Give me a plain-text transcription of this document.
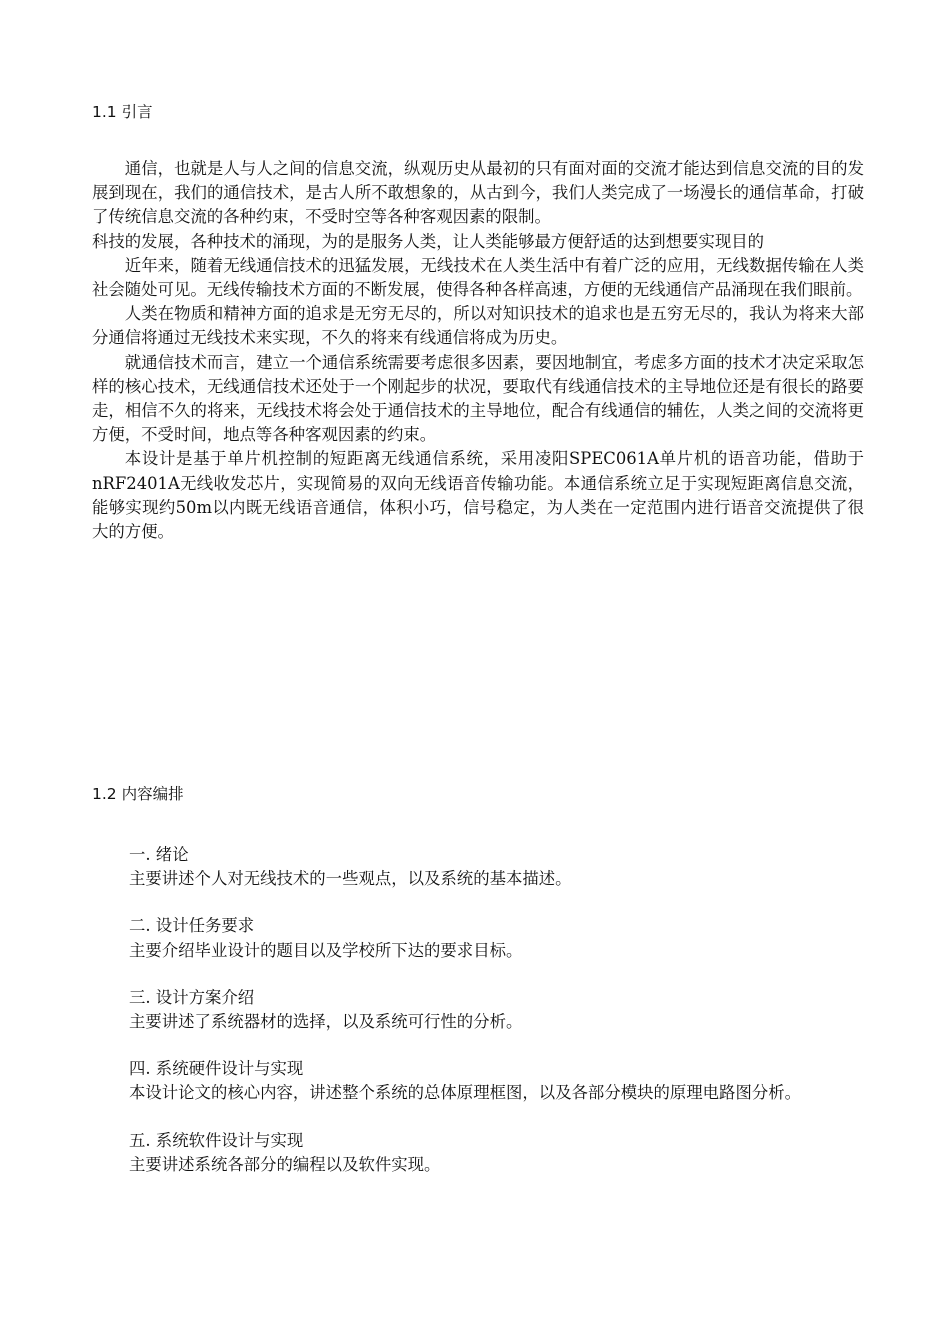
1.1 引言

通信，也就是人与人之间的信息交流，纵观历史从最初的只有面对面的交流才能达到信息交流的目的发展到现在，我们的通信技术，是古人所不敢想象的，从古到今，我们人类完成了一场漫长的通信革命，打破了传统信息交流的各种约束，不受时空等各种客观因素的限制。

科技的发展，各种技术的涌现，为的是服务人类，让人类能够最方便舒适的达到想要实现目的

近年来，随着无线通信技术的迅猛发展，无线技术在人类生活中有着广泛的应用，无线数据传输在人类社会随处可见。无线传输技术方面的不断发展，使得各种各样高速，方便的无线通信产品涌现在我们眼前。

人类在物质和精神方面的追求是无穷无尽的，所以对知识技术的追求也是五穷无尽的，我认为将来大部分通信将通过无线技术来实现，不久的将来有线通信将成为历史。

就通信技术而言，建立一个通信系统需要考虑很多因素，要因地制宜，考虑多方面的技术才决定采取怎样的核心技术，无线通信技术还处于一个刚起步的状况，要取代有线通信技术的主导地位还是有很长的路要走，相信不久的将来，无线技术将会处于通信技术的主导地位，配合有线通信的辅佐，人类之间的交流将更方便，不受时间，地点等各种客观因素的约束。

本设计是基于单片机控制的短距离无线通信系统，采用凌阳SPEC061A单片机的语音功能，借助于nRF2401A无线收发芯片，实现简易的双向无线语音传输功能。本通信系统立足于实现短距离信息交流，能够实现约50m以内既无线语音通信，体积小巧，信号稳定，为人类在一定范围内进行语音交流提供了很大的方便。

1.2 内容编排
一. 绪论
主要讲述个人对无线技术的一些观点，以及系统的基本描述。
二. 设计任务要求
主要介绍毕业设计的题目以及学校所下达的要求目标。
三. 设计方案介绍
主要讲述了系统器材的选择，以及系统可行性的分析。
四. 系统硬件设计与实现
本设计论文的核心内容，讲述整个系统的总体原理框图，以及各部分模块的原理电路图分析。
五. 系统软件设计与实现
主要讲述系统各部分的编程以及软件实现。
